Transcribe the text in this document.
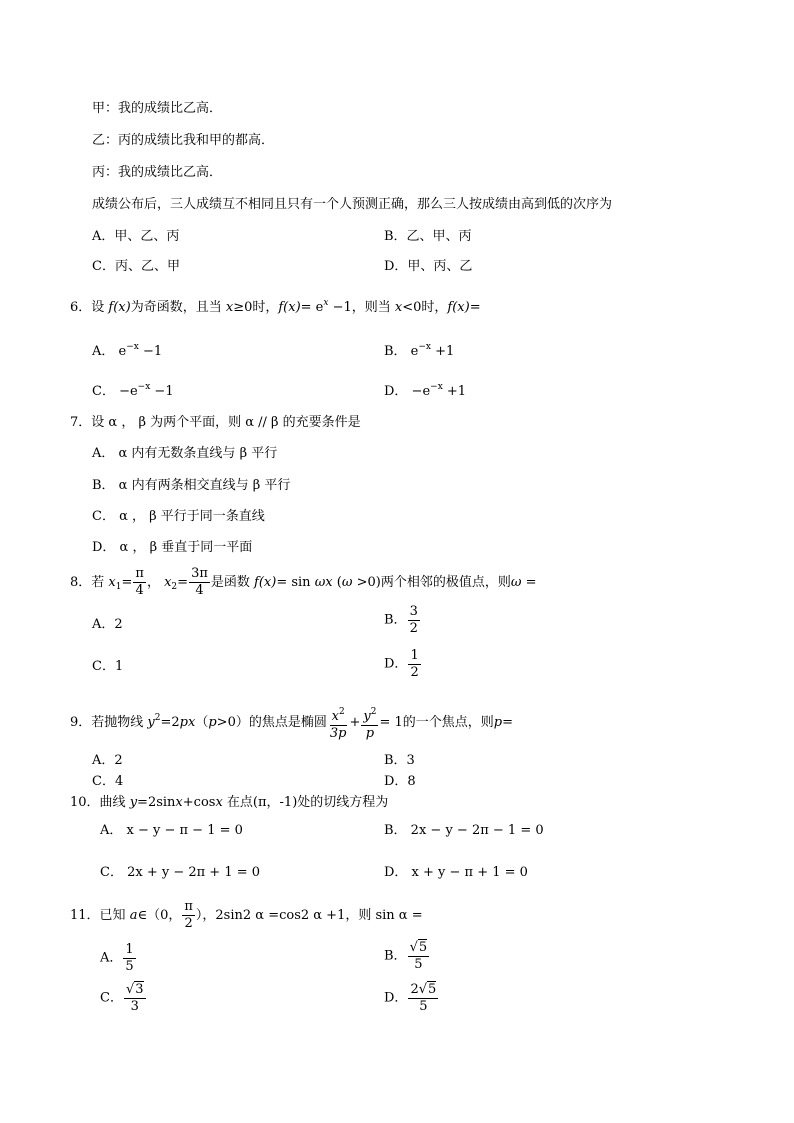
甲：我的成绩比乙高．
乙：丙的成绩比我和甲的都高．
丙：我的成绩比乙高．
成绩公布后，三人成绩互不相同且只有一个人预测正确，那么三人按成绩由高到低的次序为
A．甲、乙、丙	B．乙、甲、丙
C．丙、乙、甲	D．甲、丙、乙
6．设 f(x)为奇函数，且当 x≥0时，$f(x)= e^x -1$，则当 x<0时，f(x)=
A． $e^{-x} -1$	B． $e^{-x} +1$
C． $-e^{-x} -1$	D． $-e^{-x} +1$
7．设 α ， β 为两个平面，则 α // β 的充要条件是
A． α 内有无数条直线与 β 平行
B． α 内有两条相交直线与 β 平行
C． α ， β 平行于同一条直线
D． α ， β 垂直于同一平面
8．若 $x_1= \frac{\pi}{4}$ ， $x_2= \frac{3\pi}{4}$ 是函数 f(x)= sin ωx (ω >0)两个相邻的极值点，则ω =
A．2	B． $\frac{3}{2}$
C．1	D． $\frac{1}{2}$
9．若抛物线 $y^2=2px(p>0)$的焦点是椭圆 $\frac{x^2}{3p} + \frac{y^2}{p} = 1$的一个焦点，则p=
A．2	B．3
C．4	D．8
10．曲线 y=2sinx+cosx 在点(π，-1)处的切线方程为
A． x − y − π − 1 = 0	B． 2x − y − 2π − 1 = 0
C． 2x + y − 2π + 1 = 0	D． x + y − π + 1 = 0
11．已知 a∈（0， $\frac{\pi}{2}$ ），2sin2 α =cos2 α +1，则 sin α =
A． $\frac{1}{5}$	B． $\frac{√5}{5}$
C． $\frac{√3}{3}$	D． $\frac{2√5}{5}$
